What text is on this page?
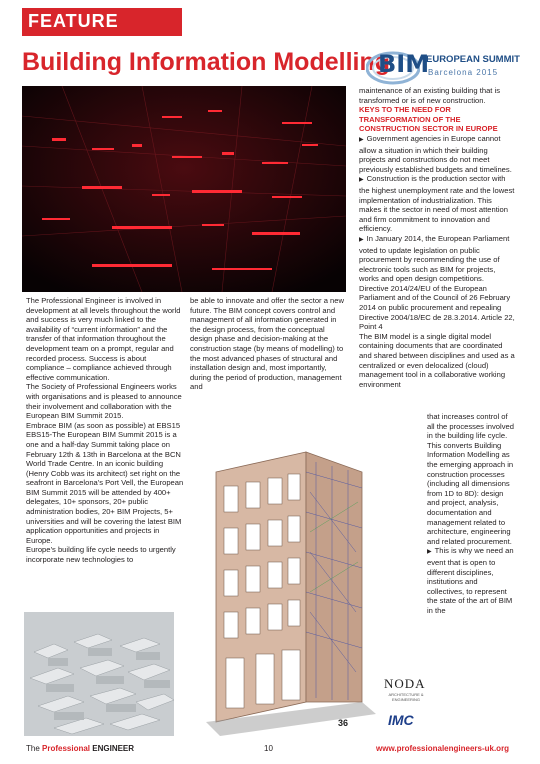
FEATURE
Building Information Modelling
BIM
EUROPEAN SUMMIT
Barcelona 2015

The Professional Engineer is involved in development at all levels throughout the world and success is very much linked to the availability of “current information” and the transfer of that information throughout the development team on a prompt, regular and recorded process. Success is about compliance – compliance achieved through effective communication.

The Society of Professional Engineers works with organisations and is pleased to announce their involvement and collaboration with the European BIM Summit 2015.

Embrace BIM (as soon as possible) at EBS15

EBS15-The European BIM Summit 2015 is a one and a half-day Summit taking place on February 12th & 13th in Barcelona at the BCN World Trade Centre. In an iconic building (Henry Cobb was its architect) set right on the seafront in Barcelona's Port Vell, the European BIM Summit 2015 will be attended by 400+ delegates, 10+ sponsors, 20+ public administration bodies, 20+ BIM Projects, 5+ universities and will be covering the latest BIM application opportunities and projects in Europe.

Europe’s building life cycle needs to urgently incorporate new technologies to

be able to innovate and offer the sector a new future. The BIM concept covers control and management of all information generated in the design process, from the conceptual design phase and decision-making at the construction stage (by means of modelling) to the most advanced phases of structural and installation design and, most importantly, during the period of production, management and

maintenance of an existing building that is transformed or is of new construction.

KEYS TO THE NEED FOR TRANSFORMATION OF THE CONSTRUCTION SECTOR IN EUROPE

▶ Government agencies in Europe cannot allow a situation in which their building projects and constructions do not meet previously established budgets and timelines.

▶ Construction is the production sector with the highest unemployment rate and the lowest implementation of industrialization. This makes it the sector in need of most attention and firm commitment to innovation and efficiency.

▶ In January 2014, the European Parliament voted to update legislation on public procurement by recommending the use of electronic tools such as BIM for projects, works and open design competitions.

Directive 2014/24/EU of the European Parliament and of the Council of 26 February 2014 on public procurement and repealing Directive 2004/18/EC de 28.3.2014. Article 22, Point 4

The BIM model is a single digital model containing documents that are coordinated and shared between disciplines and used as a centralized or even delocalized (cloud) management tool in a collaborative working environment

that increases control of all the processes involved in the building life cycle. This converts Building Information Modelling as the emerging approach in construction processes (including all dimensions from 1D to 8D): design and project, analysis, documentation and management related to architecture, engineering and related procurement.

▶ This is why we need an event that is open to different disciplines, institutions and collectives, to represent the state of the art of BIM in the

36
NODA
ARCHITECTURE & ENGINEERING
IMC
The Professional ENGINEER	10	www.professionalengineers-uk.org
